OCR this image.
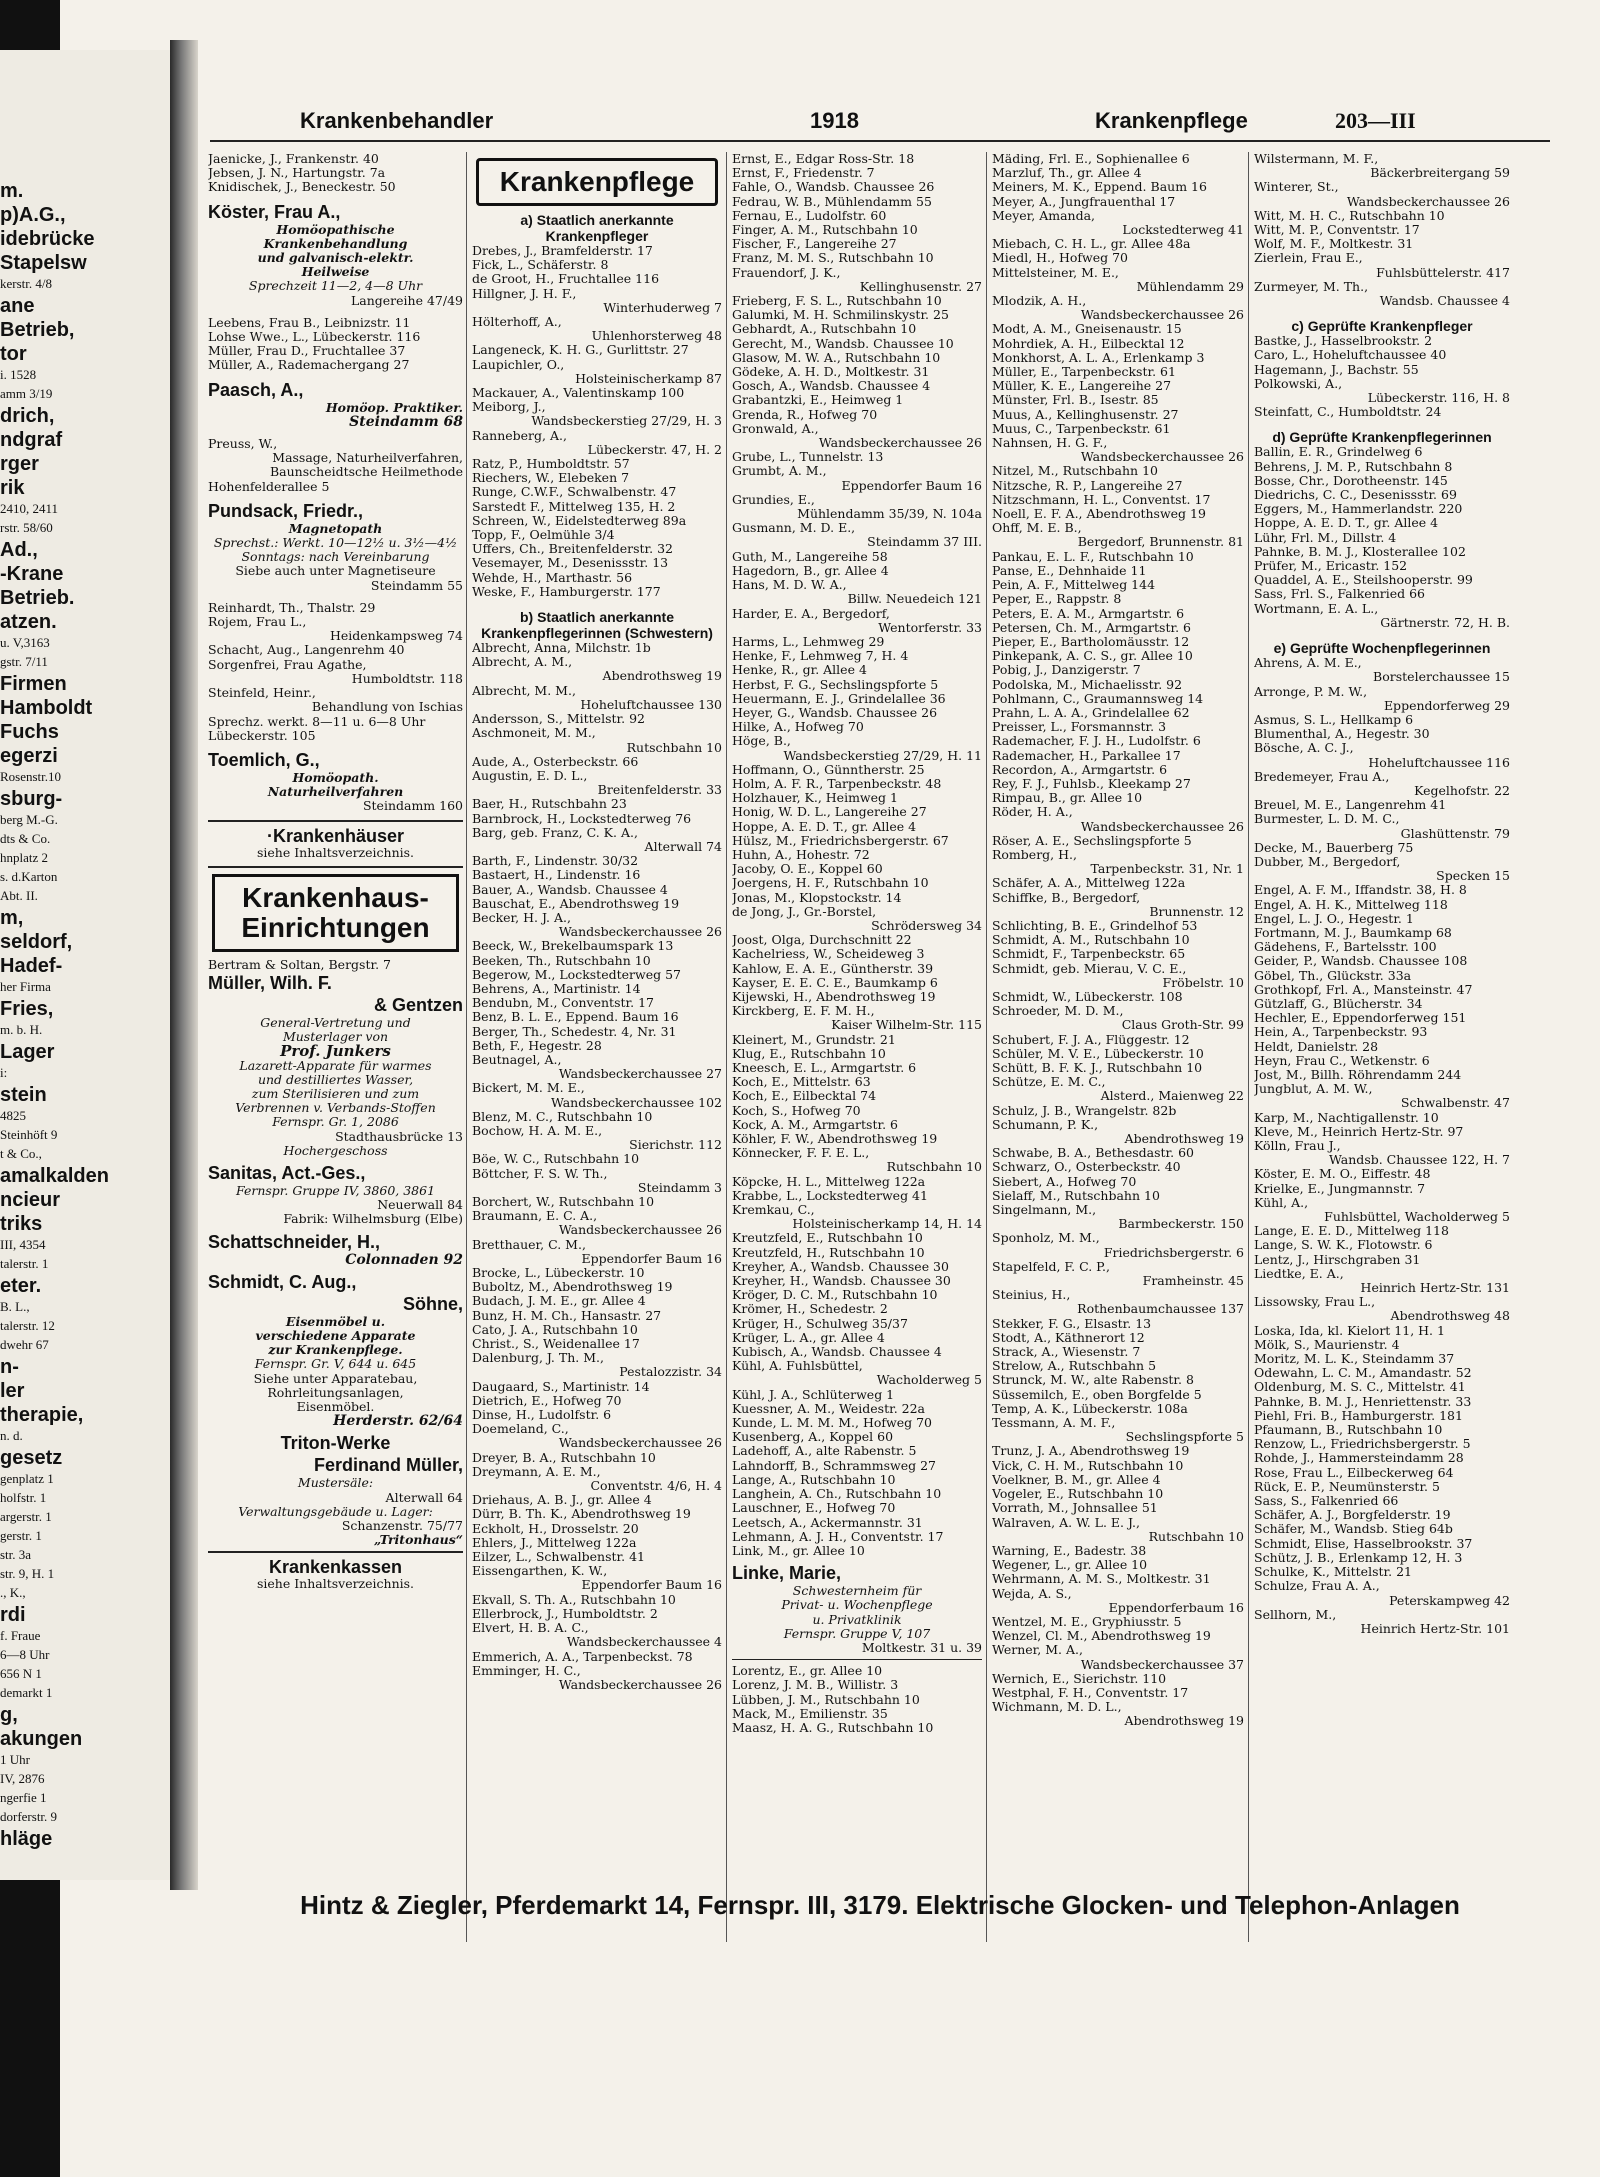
m.
p)A.G.,
idebrücke
Stapelsw
kerstr. 4/8
ane
Betrieb,
tor
i. 1528
amm 3/19
drich,
ndgraf
rger
rik
2410, 2411
rstr. 58/60
Ad.,
-Krane
Betrieb.
atzen.
u. V,3163
gstr. 7/11
Firmen
Hamboldt
Fuchs
egerzi
Rosenstr.10
sburg-
berg M.-G.
dts & Co.
hnplatz 2
s. d.Karton
Abt. II.
m,
seldorf,
Hadef-
her Firma
Fries,
m. b. H.
Lager
i:
stein
4825
Steinhöft 9
t & Co.,
amalkalden
ncieur
triks
III, 4354
talerstr. 1
eter.
B. L.,
talerstr. 12
dwehr 67
n-
ler
therapie,
n. d.
gesetz
genplatz 1
holfstr. 1
argerstr. 1
gerstr. 1
str. 3a
str. 9, H. 1
., K.,
rdi
f. Fraue
6—8 Uhr
656 N 1
demarkt 1
g,
akungen
1 Uhr
IV, 2876
ngerfie 1
dorferstr. 9
hläge
Krankenbehandler	1918	Krankenpflege	203—III
Jaenicke, J., Frankenstr. 40
Jebsen, J. N., Hartungstr. 7a
Knidischek, J., Beneckestr. 50
Köster, Frau A.,
Homöopathische
Krankenbehandlung
und galvanisch-elektr.
Heilweise
Sprechzeit 11—2, 4—8 Uhr
Langereihe 47/49
Leebens, Frau B., Leibnizstr. 11
Lohse Wwe., L., Lübeckerstr. 116
Müller, Frau D., Fruchtallee 37
Müller, A., Rademachergang 27
Paasch, A.,
Homöop. Praktiker.
Steindamm 68
Preuss, W.,
Massage, Naturheilverfahren,
Baunscheidtsche Heilmethode
Hohenfelderallee 5
Pundsack, Friedr.,
Magnetopath
Sprechst.: Werkt. 10—12½ u. 3½—4½
Sonntags: nach Vereinbarung
Siebe auch unter Magnetiseure
Steindamm 55
Reinhardt, Th., Thalstr. 29
Rojem, Frau L.,
Heidenkampsweg 74
Schacht, Aug., Langenrehm 40
Sorgenfrei, Frau Agathe,
Humboldtstr. 118
Steinfeld, Heinr.,
Behandlung von Ischias
Sprechz. werkt. 8—11 u. 6—8 Uhr
Lübeckerstr. 105
Toemlich, G.,
Homöopath.
Naturheilverfahren
Steindamm 160
·Krankenhäuser
siehe Inhaltsverzeichnis.
Krankenhaus-
Einrichtungen
Bertram & Soltan, Bergstr. 7
Müller, Wilh. F.
& Gentzen
General-Vertretung und
Musterlager von
Prof. Junkers
Lazarett-Apparate für warmes
und destilliertes Wasser,
zum Sterilisieren und zum
Verbrennen v. Verbands-Stoffen
Fernspr. Gr. 1, 2086
Stadthausbrücke 13
Hochergeschoss
Sanitas, Act.-Ges.,
Fernspr. Gruppe IV, 3860, 3861
Neuerwall 84
Fabrik: Wilhelmsburg (Elbe)
Schattschneider, H.,
Colonnaden 92
Schmidt, C. Aug.,
Söhne,
Eisenmöbel u.
verschiedene Apparate
zur Krankenpflege.
Fernspr. Gr. V, 644 u. 645
Siehe unter Apparatebau,
Rohrleitungsanlagen,
Eisenmöbel.
Herderstr. 62/64
Triton-Werke
Ferdinand Müller,
Mustersäle:
Alterwall 64
Verwaltungsgebäude u. Lager:
Schanzenstr. 75/77
„Tritonhaus“
Krankenkassen
siehe Inhaltsverzeichnis.
Krankenpflege
a) Staatlich anerkannte Krankenpfleger
Drebes, J., Bramfelderstr. 17
Fick, L., Schäferstr. 8
de Groot, H., Fruchtallee 116
Hillgner, J. H. F.,
Winterhuderweg 7
Hölterhoff, A.,
Uhlenhorsterweg 48
Langeneck, K. H. G., Gurlittstr. 27
Laupichler, O.,
Holsteinischerkamp 87
Mackauer, A., Valentinskamp 100
Meiborg, J.,
Wandsbeckerstieg 27/29, H. 3
Ranneberg, A.,
Lübeckerstr. 47, H. 2
Ratz, P., Humboldtstr. 57
Riechers, W., Elebeken 7
Runge, C.W.F., Schwalbenstr. 47
Sarstedt F., Mittelweg 135, H. 2
Schreen, W., Eidelstedterweg 89a
Topp, F., Oelmühle 3/4
Uffers, Ch., Breitenfelderstr. 32
Vesemayer, M., Desenissstr. 13
Wehde, H., Marthastr. 56
Weske, F., Hamburgerstr. 177
b) Staatlich anerkannte Krankenpflegerinnen (Schwestern)
Albrecht, Anna, Milchstr. 1b
Albrecht, A. M.,
Abendrothsweg 19
Albrecht, M. M.,
Hoheluftchaussee 130
Andersson, S., Mittelstr. 92
Aschmoneit, M. M.,
Rutschbahn 10
Aude, A., Osterbeckstr. 66
Augustin, E. D. L.,
Breitenfelderstr. 33
Baer, H., Rutschbahn 23
Barnbrock, H., Lockstedterweg 76
Barg, geb. Franz, C. K. A.,
Alterwall 74
Barth, F., Lindenstr. 30/32
Bastaert, H., Lindenstr. 16
Bauer, A., Wandsb. Chaussee 4
Bauschat, E., Abendrothsweg 19
Becker, H. J. A.,
Wandsbeckerchaussee 26
Beeck, W., Brekelbaumspark 13
Beeken, Th., Rutschbahn 10
Begerow, M., Lockstedterweg 57
Behrens, A., Martinistr. 14
Bendubn, M., Conventstr. 17
Benz, B. L. E., Eppend. Baum 16
Berger, Th., Schedestr. 4, Nr. 31
Beth, F., Hegestr. 28
Beutnagel, A.,
Wandsbeckerchaussee 27
Bickert, M. M. E.,
Wandsbeckerchaussee 102
Blenz, M. C., Rutschbahn 10
Bochow, H. A. M. E.,
Sierichstr. 112
Böe, W. C., Rutschbahn 10
Böttcher, F. S. W. Th.,
Steindamm 3
Borchert, W., Rutschbahn 10
Braumann, E. C. A.,
Wandsbeckerchaussee 26
Bretthauer, C. M.,
Eppendorfer Baum 16
Brocke, L., Lübeckerstr. 10
Buboltz, M., Abendrothsweg 19
Budach, J. M. E., gr. Allee 4
Bunz, H. M. Ch., Hansastr. 27
Cato, J. A., Rutschbahn 10
Christ., S., Weidenallee 17
Dalenburg, J. Th. M.,
Pestalozzistr. 34
Daugaard, S., Martinistr. 14
Dietrich, E., Hofweg 70
Dinse, H., Ludolfstr. 6
Doemeland, C.,
Wandsbeckerchaussee 26
Dreyer, B. A., Rutschbahn 10
Dreymann, A. E. M.,
Conventstr. 4/6, H. 4
Driehaus, A. B. J., gr. Allee 4
Dürr, B. Th. K., Abendrothsweg 19
Eckholt, H., Drosselstr. 20
Ehlers, J., Mittelweg 122a
Eilzer, L., Schwalbenstr. 41
Eissengarthen, K. W.,
Eppendorfer Baum 16
Ekvall, S. Th. A., Rutschbahn 10
Ellerbrock, J., Humboldtstr. 2
Elvert, H. B. A. C.,
Wandsbeckerchaussee 4
Emmerich, A. A., Tarpenbeckst. 78
Emminger, H. C.,
Wandsbeckerchaussee 26
Ernst, E., Edgar Ross-Str. 18
Ernst, F., Friedenstr. 7
Fahle, O., Wandsb. Chaussee 26
Fedrau, W. B., Mühlendamm 55
Fernau, E., Ludolfstr. 60
Finger, A. M., Rutschbahn 10
Fischer, F., Langereihe 27
Franz, M. M. S., Rutschbahn 10
Frauendorf, J. K.,
Kellinghusenstr. 27
Frieberg, F. S. L., Rutschbahn 10
Galumki, M. H. Schmilinskystr. 25
Gebhardt, A., Rutschbahn 10
Gerecht, M., Wandsb. Chaussee 10
Glasow, M. W. A., Rutschbahn 10
Gödeke, A. H. D., Moltkestr. 31
Gosch, A., Wandsb. Chaussee 4
Grabantzki, E., Heimweg 1
Grenda, R., Hofweg 70
Gronwald, A.,
Wandsbeckerchaussee 26
Grube, L., Tunnelstr. 13
Grumbt, A. M.,
Eppendorfer Baum 16
Grundies, E.,
Mühlendamm 35/39, N. 104a
Gusmann, M. D. E.,
Steindamm 37 III.
Guth, M., Langereihe 58
Hagedorn, B., gr. Allee 4
Hans, M. D. W. A.,
Billw. Neuedeich 121
Harder, E. A., Bergedorf,
Wentorferstr. 33
Harms, L., Lehmweg 29
Henke, F., Lehmweg 7, H. 4
Henke, R., gr. Allee 4
Herbst, F. G., Sechslingspforte 5
Heuermann, E. J., Grindelallee 36
Heyer, G., Wandsb. Chaussee 26
Hilke, A., Hofweg 70
Höge, B.,
Wandsbeckerstieg 27/29, H. 11
Hoffmann, O., Günntherstr. 25
Holm, A. F. R., Tarpenbeckstr. 48
Holzhauer, K., Heimweg 1
Honig, W. D. L., Langereihe 27
Hoppe, A. E. D. T., gr. Allee 4
Hülsz, M., Friedrichsbergerstr. 67
Huhn, A., Hohestr. 72
Jacoby, O. E., Koppel 60
Joergens, H. F., Rutschbahn 10
Jonas, M., Klopstockstr. 14
de Jong, J., Gr.-Borstel,
Schrödersweg 34
Joost, Olga, Durchschnitt 22
Kachelriess, W., Scheideweg 3
Kahlow, E. A. E., Güntherstr. 39
Kayser, E. E. C. E., Baumkamp 6
Kijewski, H., Abendrothsweg 19
Kirckberg, E. F. M. H.,
Kaiser Wilhelm-Str. 115
Kleinert, M., Grundstr. 21
Klug, E., Rutschbahn 10
Kneesch, E. L., Armgartstr. 6
Koch, E., Mittelstr. 63
Koch, E., Eilbecktal 74
Koch, S., Hofweg 70
Kock, A. M., Armgartstr. 6
Köhler, F. W., Abendrothsweg 19
Könnecker, F. F. E. L.,
Rutschbahn 10
Köpcke, H. L., Mittelweg 122a
Krabbe, L., Lockstedterweg 41
Kremkau, C.,
Holsteinischerkamp 14, H. 14
Kreutzfeld, E., Rutschbahn 10
Kreutzfeld, H., Rutschbahn 10
Kreyher, A., Wandsb. Chaussee 30
Kreyher, H., Wandsb. Chaussee 30
Kröger, D. C. M., Rutschbahn 10
Krömer, H., Schedestr. 2
Krüger, H., Schulweg 35/37
Krüger, L. A., gr. Allee 4
Kubisch, A., Wandsb. Chaussee 4
Kühl, A. Fuhlsbüttel,
Wacholderweg 5
Kühl, J. A., Schlüterweg 1
Kuessner, A. M., Weidestr. 22a
Kunde, L. M. M. M., Hofweg 70
Kusenberg, A., Koppel 60
Ladehoff, A., alte Rabenstr. 5
Lahndorff, B., Schrammsweg 27
Lange, A., Rutschbahn 10
Langhein, A. Ch., Rutschbahn 10
Lauschner, E., Hofweg 70
Leetsch, A., Ackermannstr. 31
Lehmann, A. J. H., Conventstr. 17
Link, M., gr. Allee 10
Linke, Marie,
Schwesternheim für
Privat- u. Wochenpflege
u. Privatklinik
Fernspr. Gruppe V, 107
Moltkestr. 31 u. 39
Lorentz, E., gr. Allee 10
Lorenz, J. M. B., Willistr. 3
Lübben, J. M., Rutschbahn 10
Mack, M., Emilienstr. 35
Maasz, H. A. G., Rutschbahn 10
Mäding, Frl. E., Sophienallee 6
Marzluf, Th., gr. Allee 4
Meiners, M. K., Eppend. Baum 16
Meyer, A., Jungfrauenthal 17
Meyer, Amanda,
Lockstedterweg 41
Miebach, C. H. L., gr. Allee 48a
Miedl, H., Hofweg 70
Mittelsteiner, M. E.,
Mühlendamm 29
Mlodzik, A. H.,
Wandsbeckerchaussee 26
Modt, A. M., Gneisenaustr. 15
Mohrdiek, A. H., Eilbecktal 12
Monkhorst, A. L. A., Erlenkamp 3
Müller, E., Tarpenbeckstr. 61
Müller, K. E., Langereihe 27
Münster, Frl. B., Isestr. 85
Muus, A., Kellinghusenstr. 27
Muus, C., Tarpenbeckstr. 61
Nahnsen, H. G. F.,
Wandsbeckerchaussee 26
Nitzel, M., Rutschbahn 10
Nitzsche, R. P., Langereihe 27
Nitzschmann, H. L., Conventst. 17
Noell, E. F. A., Abendrothsweg 19
Ohff, M. E. B.,
Bergedorf, Brunnenstr. 81
Pankau, E. L. F., Rutschbahn 10
Panse, E., Dehnhaide 11
Pein, A. F., Mittelweg 144
Peper, E., Rappstr. 8
Peters, E. A. M., Armgartstr. 6
Petersen, Ch. M., Armgartstr. 6
Pieper, E., Bartholomäusstr. 12
Pinkepank, A. C. S., gr. Allee 10
Pobig, J., Danzigerstr. 7
Podolska, M., Michaelisstr. 92
Pohlmann, C., Graumannsweg 14
Prahn, L. A. A., Grindelallee 62
Preisser, L., Forsmannstr. 3
Rademacher, F. J. H., Ludolfstr. 6
Rademacher, H., Parkallee 17
Recordon, A., Armgartstr. 6
Rey, F. J., Fuhlsb., Kleekamp 27
Rimpau, B., gr. Allee 10
Röder, H. A.,
Wandsbeckerchaussee 26
Röser, A. E., Sechslingspforte 5
Romberg, H.,
Tarpenbeckstr. 31, Nr. 1
Schäfer, A. A., Mittelweg 122a
Schiffke, B., Bergedorf,
Brunnenstr. 12
Schlichting, B. E., Grindelhof 53
Schmidt, A. M., Rutschbahn 10
Schmidt, F., Tarpenbeckstr. 65
Schmidt, geb. Mierau, V. C. E.,
Fröbelstr. 10
Schmidt, W., Lübeckerstr. 108
Schroeder, M. D. M.,
Claus Groth-Str. 99
Schubert, F. J. A., Flüggestr. 12
Schüler, M. V. E., Lübeckerstr. 10
Schütt, B. F. K. J., Rutschbahn 10
Schütze, E. M. C.,
Alsterd., Maienweg 22
Schulz, J. B., Wrangelstr. 82b
Schumann, P. K.,
Abendrothsweg 19
Schwabe, B. A., Bethesdastr. 60
Schwarz, O., Osterbeckstr. 40
Siebert, A., Hofweg 70
Sielaff, M., Rutschbahn 10
Singelmann, M.,
Barmbeckerstr. 150
Sponholz, M. M.,
Friedrichsbergerstr. 6
Stapelfeld, F. C. P.,
Framheinstr. 45
Steinius, H.,
Rothenbaumchaussee 137
Stekker, F. G., Elsastr. 13
Stodt, A., Käthnerort 12
Strack, A., Wiesenstr. 7
Strelow, A., Rutschbahn 5
Strunck, M. W., alte Rabenstr. 8
Süssemilch, E., oben Borgfelde 5
Temp, A. K., Lübeckerstr. 108a
Tessmann, A. M. F.,
Sechslingspforte 5
Trunz, J. A., Abendrothsweg 19
Vick, C. H. M., Rutschbahn 10
Voelkner, B. M., gr. Allee 4
Vogeler, E., Rutschbahn 10
Vorrath, M., Johnsallee 51
Walraven, A. W. L. E. J.,
Rutschbahn 10
Warning, E., Badestr. 38
Wegener, L., gr. Allee 10
Wehrmann, A. M. S., Moltkestr. 31
Wejda, A. S.,
Eppendorferbaum 16
Wentzel, M. E., Gryphiusstr. 5
Wenzel, Cl. M., Abendrothsweg 19
Werner, M. A.,
Wandsbeckerchaussee 37
Wernich, E., Sierichstr. 110
Westphal, F. H., Conventstr. 17
Wichmann, M. D. L.,
Abendrothsweg 19
Wilstermann, M. F.,
Bäckerbreitergang 59
Winterer, St.,
Wandsbeckerchaussee 26
Witt, M. H. C., Rutschbahn 10
Witt, M. P., Conventstr. 17
Wolf, M. F., Moltkestr. 31
Zierlein, Frau E.,
Fuhlsbüttelerstr. 417
Zurmeyer, M. Th.,
Wandsb. Chaussee 4
c) Geprüfte Krankenpfleger
Bastke, J., Hasselbrookstr. 2
Caro, L., Hoheluftchaussee 40
Hagemann, J., Bachstr. 55
Polkowski, A.,
Lübeckerstr. 116, H. 8
Steinfatt, C., Humboldtstr. 24
d) Geprüfte Krankenpflegerinnen
Ballin, E. R., Grindelweg 6
Behrens, J. M. P., Rutschbahn 8
Bosse, Chr., Dorotheenstr. 145
Diedrichs, C. C., Desenissstr. 69
Eggers, M., Hammerlandstr. 220
Hoppe, A. E. D. T., gr. Allee 4
Lühr, Frl. M., Dillstr. 4
Pahnke, B. M. J., Klosterallee 102
Prüfer, M., Ericastr. 152
Quaddel, A. E., Steilshooperstr. 99
Sass, Frl. S., Falkenried 66
Wortmann, E. A. L.,
Gärtnerstr. 72, H. B.
e) Geprüfte Wochenpflegerinnen
Ahrens, A. M. E.,
Borstelerchaussee 15
Arronge, P. M. W.,
Eppendorferweg 29
Asmus, S. L., Hellkamp 6
Blumenthal, A., Hegestr. 30
Bösche, A. C. J.,
Hoheluftchaussee 116
Bredemeyer, Frau A.,
Kegelhofstr. 22
Breuel, M. E., Langenrehm 41
Burmester, L. D. M. C.,
Glashüttenstr. 79
Decke, M., Bauerberg 75
Dubber, M., Bergedorf,
Specken 15
Engel, A. F. M., Iffandstr. 38, H. 8
Engel, A. H. K., Mittelweg 118
Engel, L. J. O., Hegestr. 1
Fortmann, M. J., Baumkamp 68
Gädehens, F., Bartelsstr. 100
Geider, P., Wandsb. Chaussee 108
Göbel, Th., Glückstr. 33a
Grothkopf, Frl. A., Mansteinstr. 47
Gützlaff, G., Blücherstr. 34
Hechler, E., Eppendorferweg 151
Hein, A., Tarpenbeckstr. 93
Heldt, Danielstr. 28
Heyn, Frau C., Wetkenstr. 6
Jost, M., Billh. Röhrendamm 244
Jungblut, A. M. W.,
Schwalbenstr. 47
Karp, M., Nachtigallenstr. 10
Kleve, M., Heinrich Hertz-Str. 97
Kölln, Frau J.,
Wandsb. Chaussee 122, H. 7
Köster, E. M. O., Eiffestr. 48
Krielke, E., Jungmannstr. 7
Kühl, A.,
Fuhlsbüttel, Wacholderweg 5
Lange, E. E. D., Mittelweg 118
Lange, S. W. K., Flotowstr. 6
Lentz, J., Hirschgraben 31
Liedtke, E. A.,
Heinrich Hertz-Str. 131
Lissowsky, Frau L.,
Abendrothsweg 48
Loska, Ida, kl. Kielort 11, H. 1
Mölk, S., Maurienstr. 4
Moritz, M. L. K., Steindamm 37
Odewahn, L. C. M., Amandastr. 52
Oldenburg, M. S. C., Mittelstr. 41
Pahnke, B. M. J., Henriettenstr. 33
Piehl, Fri. B., Hamburgerstr. 181
Pfaumann, B., Rutschbahn 10
Renzow, L., Friedrichsbergerstr. 5
Rohde, J., Hammersteindamm 28
Rose, Frau L., Eilbeckerweg 64
Rück, E. P., Neumünsterstr. 5
Sass, S., Falkenried 66
Schäfer, A. J., Borgfelderstr. 19
Schäfer, M., Wandsb. Stieg 64b
Schmidt, Elise, Hasselbrookstr. 37
Schütz, J. B., Erlenkamp 12, H. 3
Schulke, K., Mittelstr. 21
Schulze, Frau A. A.,
Peterskampweg 42
Sellhorn, M.,
Heinrich Hertz-Str. 101
Hintz & Ziegler, Pferdemarkt 14, Fernspr. III, 3179. Elektrische Glocken- und Telephon-Anlagen
